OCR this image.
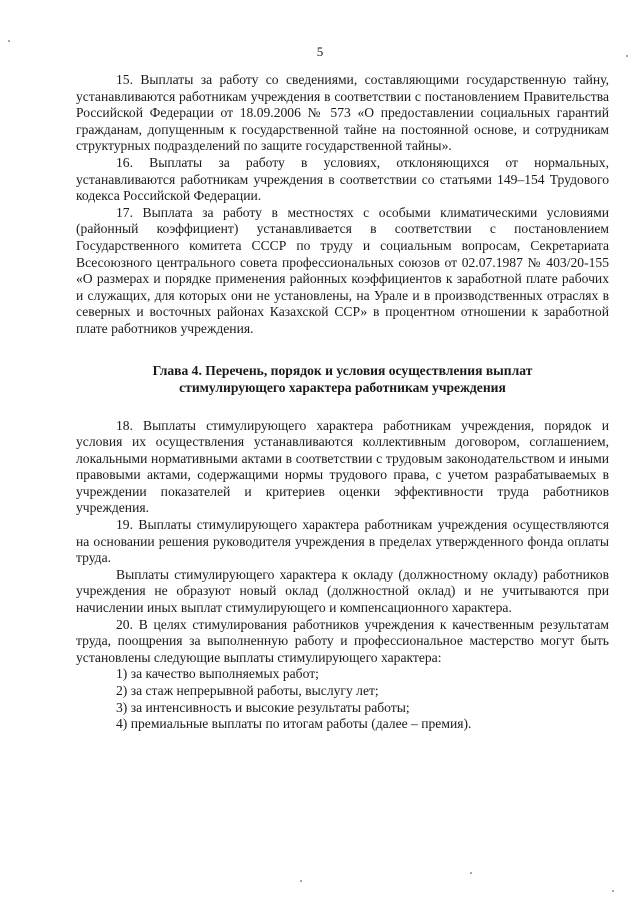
5

15. Выплаты за работу со сведениями, составляющими государственную тайну, устанавливаются работникам учреждения в соответствии с постановлением Правительства Российской Федерации от 18.09.2006 № 573 «О предоставлении социальных гарантий гражданам, допущенным к государственной тайне на постоянной основе, и сотрудникам структурных подразделений по защите государственной тайны».

16. Выплаты за работу в условиях, отклоняющихся от нормальных, устанавливаются работникам учреждения в соответствии со статьями 149–154 Трудового кодекса Российской Федерации.

17. Выплата за работу в местностях с особыми климатическими условиями (районный коэффициент) устанавливается в соответствии с постановлением Государственного комитета СССР по труду и социальным вопросам, Секретариата Всесоюзного центрального совета профессиональных союзов от 02.07.1987 № 403/20-155 «О размерах и порядке применения районных коэффициентов к заработной плате рабочих и служащих, для которых они не установлены, на Урале и в производственных отраслях в северных и восточных районах Казахской ССР» в процентном отношении к заработной плате работников учреждения.

Глава 4. Перечень, порядок и условия осуществления выплат
стимулирующего характера работникам учреждения

18. Выплаты стимулирующего характера работникам учреждения, порядок и условия их осуществления устанавливаются коллективным договором, соглашением, локальными нормативными актами в соответствии с трудовым законодательством и иными правовыми актами, содержащими нормы трудового права, с учетом разрабатываемых в учреждении показателей и критериев оценки эффективности труда работников учреждения.

19. Выплаты стимулирующего характера работникам учреждения осуществляются на основании решения руководителя учреждения в пределах утвержденного фонда оплаты труда.

Выплаты стимулирующего характера к окладу (должностному окладу) работников учреждения не образуют новый оклад (должностной оклад) и не учитываются при начислении иных выплат стимулирующего и компенсационного характера.

20. В целях стимулирования работников учреждения к качественным результатам труда, поощрения за выполненную работу и профессиональное мастерство могут быть установлены следующие выплаты стимулирующего характера:

1) за качество выполняемых работ;

2) за стаж непрерывной работы, выслугу лет;

3) за интенсивность и высокие результаты работы;

4) премиальные выплаты по итогам работы (далее – премия).
